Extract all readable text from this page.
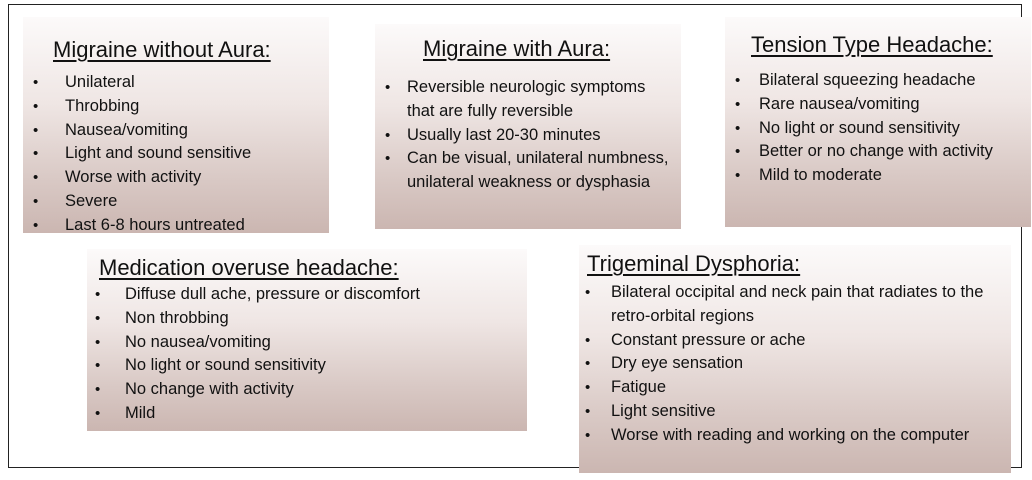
Migraine without Aura:
• Unilateral
• Throbbing
• Nausea/vomiting
• Light and sound sensitive
• Worse with activity
• Severe
• Last 6-8 hours untreated
Migraine with Aura:
• Reversible neurologic symptoms that are fully reversible
• Usually last 20-30 minutes
• Can be visual, unilateral numbness, unilateral weakness or dysphasia
Tension Type Headache:
• Bilateral squeezing headache
• Rare nausea/vomiting
• No light or sound sensitivity
• Better or no change with activity
• Mild to moderate
Medication overuse headache:
• Diffuse dull ache, pressure or discomfort
• Non throbbing
• No nausea/vomiting
• No light or sound sensitivity
• No change with activity
• Mild
Trigeminal Dysphoria:
• Bilateral occipital and neck pain that radiates to the retro-orbital regions
• Constant pressure or ache
• Dry eye sensation
• Fatigue
• Light sensitive
• Worse with reading and working on the computer
